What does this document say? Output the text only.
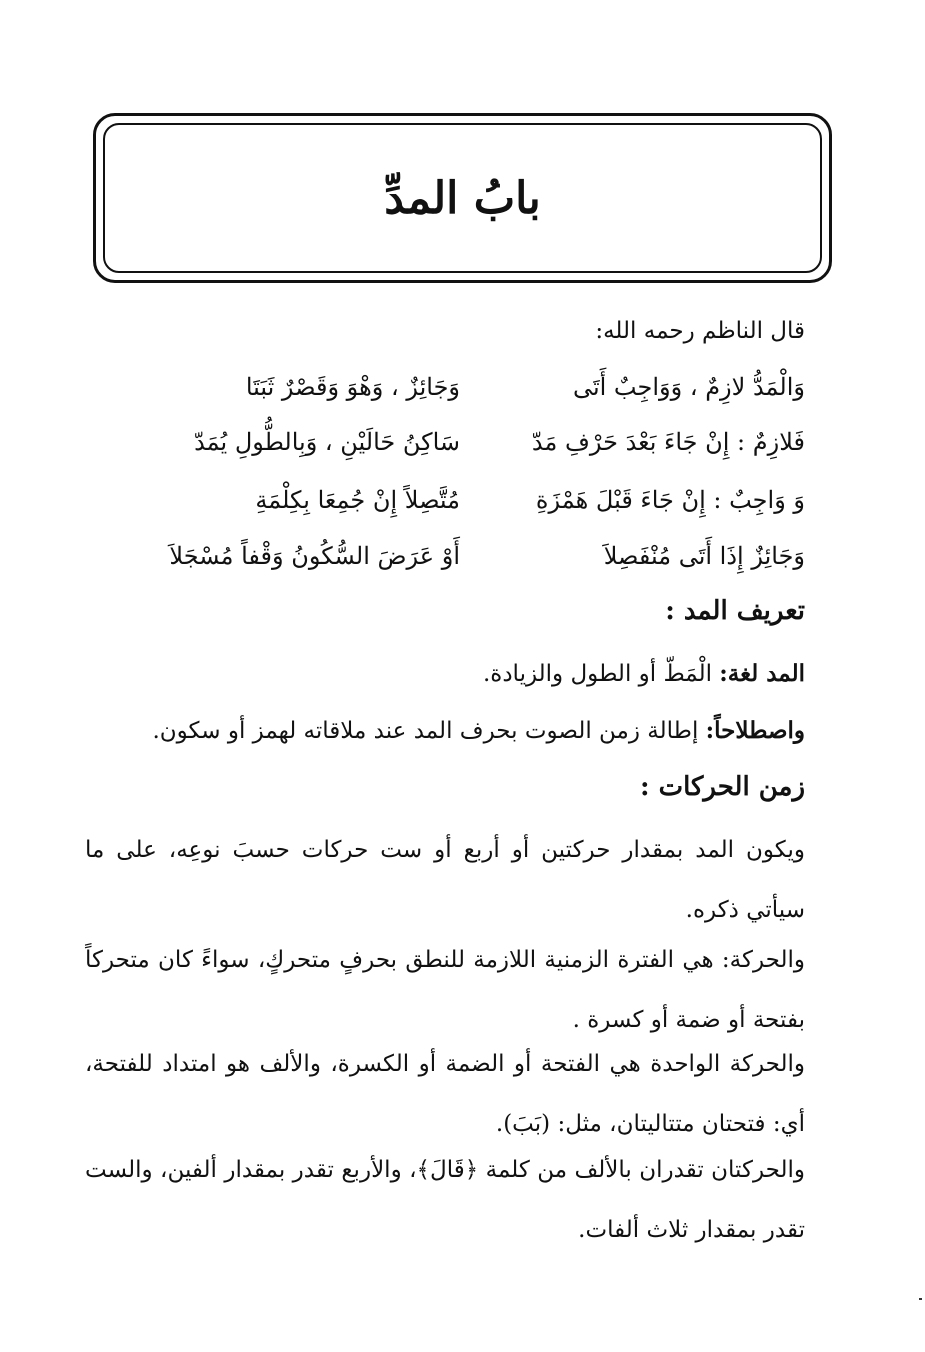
بابُ المدِّ
قال الناظم رحمه الله:
وَالْمَدُّ لازِمٌ ، وَوَاجِبٌ أَتَى
وَجَائِزٌ ، وَهْوَ وَقَصْرٌ ثَبَتَا
فَلازِمٌ : إِنْ جَاءَ بَعْدَ حَرْفِ مَدّ
سَاكِنُ حَالَيْنِ ، وَبِالطُّولِ يُمَدّ
وَ وَاجِبٌ : إِنْ جَاءَ قَبْلَ هَمْزَةِ
مُتَّصِلاً إِنْ جُمِعَا بِكِلْمَةِ
وَجَائِزٌ إِذَا أَتَى مُنْفَصِلاَ
أَوْ عَرَضَ السُّكُونُ وَقْفاً مُسْجَلاَ
تعريف المد :
المد لغة: الْمَطّ أو الطول والزيادة.
واصطلاحاً: إطالة زمن الصوت بحرف المد عند ملاقاته لهمز أو سكون.
زمن الحركات :
ويكون المد بمقدار حركتين أو أربع أو ست حركات حسبَ نوعِه، على ما سيأتي ذكره.
والحركة: هي الفترة الزمنية اللازمة للنطق بحرفٍ متحركٍ، سواءً كان متحركاً بفتحة أو ضمة أو كسرة .
والحركة الواحدة هي الفتحة أو الضمة أو الكسرة، والألف هو امتداد للفتحة، أي: فتحتان متتاليتان، مثل: (بَبَ).
والحركتان تقدران بالألف من كلمة ﴿قَالَ﴾، والأربع تقدر بمقدار ألفين، والست تقدر بمقدار ثلاث ألفات.
